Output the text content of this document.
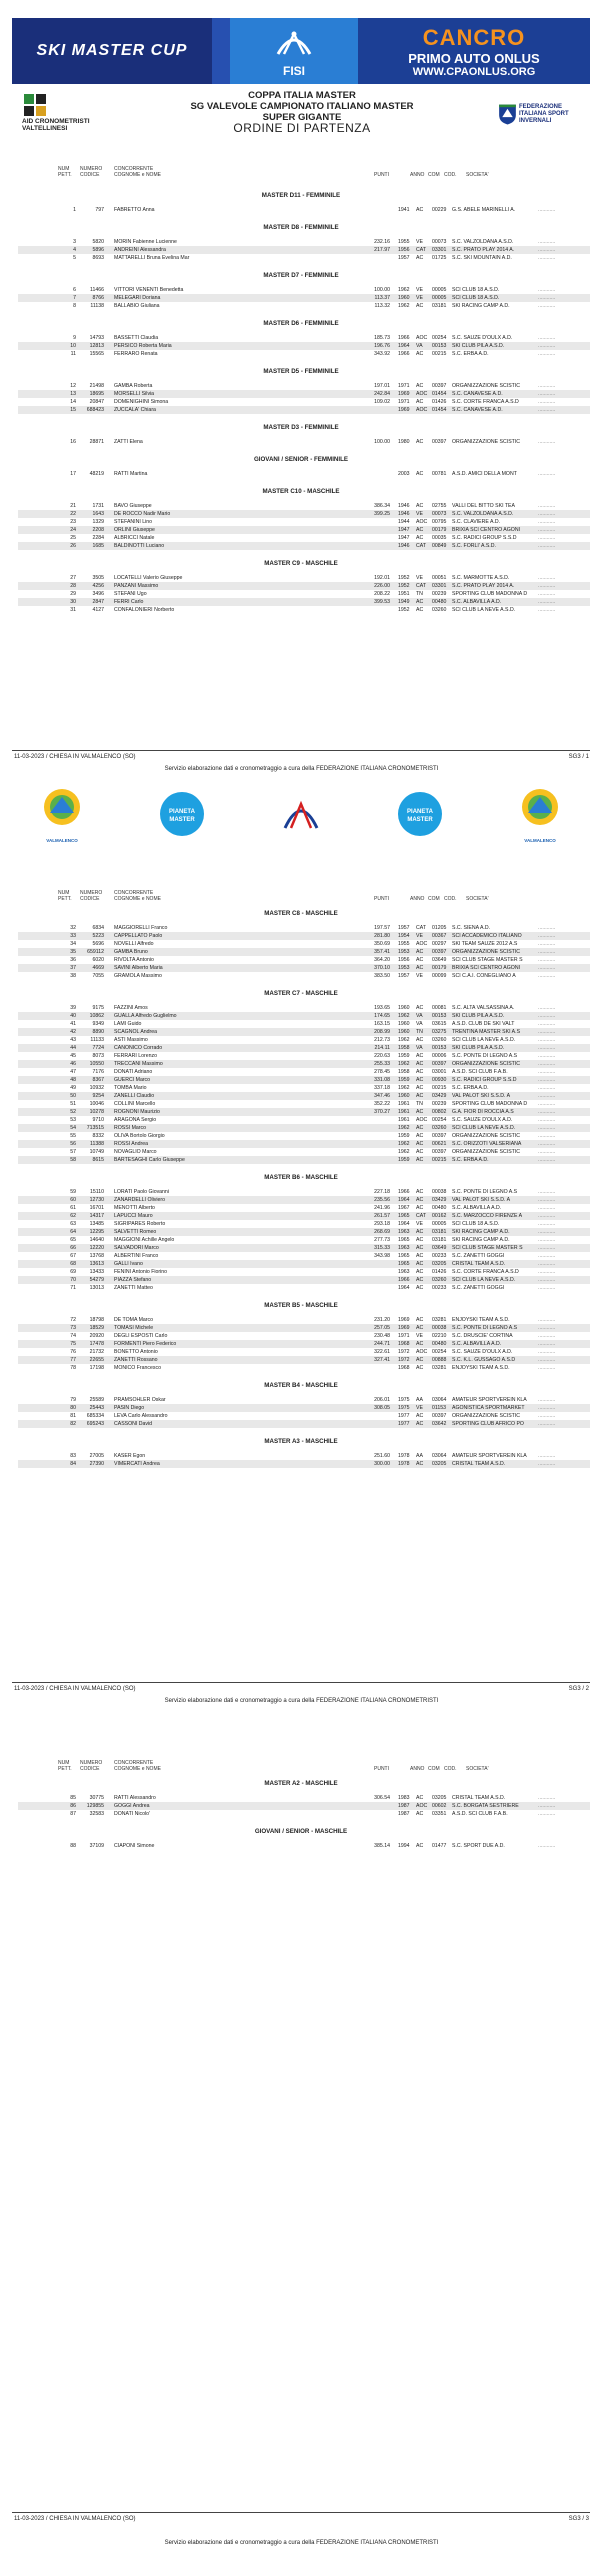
SKI MASTER CUP
FISI
CANCRO
PRIMO AUTO ONLUS
WWW.CPAONLUS.ORG
AID CRONOMETRISTI VALTELLINESI
COPPA ITALIA MASTER
SG VALEVOLE CAMPIONATO ITALIANO MASTER
SUPER GIGANTE
ORDINE DI PARTENZA
FEDERAZIONE ITALIANA SPORT INVERNALI
NUM
PETT.
NUMERO
CODICE
CONCORRENTE
COGNOME e NOME	PUNTI	ANNO COM COD. SOCIETA'
MASTER D11 - FEMMINILE
1	797 FABRETTO Anna	1941 AC 00229 G.S. ABELE MARINELLI A.	............
MASTER D8 - FEMMINILE
3	5820 MORIN Fabienne Lucienne	232.16 1955 VE 00073 S.C. VALZOLDANA A.S.D.	............
4	5896 ANDREINI Alessandra	217.97 1956 CAT 03301 S.C. PRATO PLAY 2014 A.	............
5	8693 MATTARELLI Bruna Evelina Mar	1957 AC 01725 S.C. SKI MOUNTAIN A.D.	............
MASTER D7 - FEMMINILE
6	11466 VITTORI VENENTI Benedetta	100.00 1962 VE 00005 SCI CLUB 18 A.S.D.	............
7	8766 MELEGARI Doriana	113.37 1960 VE 00005 SCI CLUB 18 A.S.D.	............
8	11138 BALLABIO Giuliana	113.32 1962 AC 03181 SKI RACING CAMP A.D.	............
MASTER D6 - FEMMINILE
9	14793 BASSETTI Claudia	185.73 1966 AOC 00254 S.C. SAUZE D'OULX A.D.	............
10	12813 PERSICO Roberta Maria	196.76 1964 VA 00153 SKI CLUB PILA A.S.D.	............
11	15565 FERRARO Renata	343.92 1966 AC 00215 S.C. ERBA A.D.	............
MASTER D5 - FEMMINILE
12	21498 GAMBA Roberta	197.01 1971 AC 00397 ORGANIZZAZIONE SCISTIC	............
13	18695 MORSELLI Silvia	242.84 1969 AOC 01454 S.C. CANAVESE A.D.	............
14	20847 DOMENIGHINI Simona	109.02 1971 AC 01426 S.C. CORTE FRANCA A.S.D	............
15	688423 ZUCCALA' Chiara	1969 AOC 01454 S.C. CANAVESE A.D.	............
MASTER D3 - FEMMINILE
16	28871 ZATTI Elena	100.00 1980 AC 00397 ORGANIZZAZIONE SCISTIC	............
GIOVANI / SENIOR - FEMMINILE
17	48219 RATTI Martina	2003 AC 00781 A.S.D. AMICI DELLA MONT	............
MASTER C10 - MASCHILE
21	1731 BAVO Giuseppe	386.34 1946 AC 02755 VALLI DEL BITTO SKI TEA	............
22	1643 DE ROCCO Nadir Mario	399.25 1946 VE 00073 S.C. VALZOLDANA A.S.D.	............
23	1329 STEFANINI Lino	1944 AOC 00795 S.C. CLAVIERE A.D.	............
24	2208 ORLINI Giuseppe	1947 AC 00179 BRIXIA SCI CENTRO AGONI	............
25	2284 ALBRICCI Natale	1947 AC 00035 S.C. RADICI GROUP S.S.D	............
26	1685 BALDINOTTI Luciano	1946 CAT 00849 S.C. FORLI' A.S.D.	............
MASTER C9 - MASCHILE
27	3505 LOCATELLI Valerio Giuseppe	192.01 1952 VE 00051 S.C. MARMOTTE A.S.D.	............
28	4256 PANZANI Massimo	226.00 1952 CAT 03301 S.C. PRATO PLAY 2014 A.	............
29	3496 STEFANI Ugo	208.22 1951 TN 00239 SPORTING CLUB MADONNA D ............
30	2847 FERRI Carlo	399.53 1949 AC 00480 S.C. ALBAVILLA A.D.	............
31	4127 CONFALONIERI Norberto	1952 AC 03260 SCI CLUB LA NEVE A.S.D.	............
11-03-2023 / CHIESA IN VALMALENCO (SO)	SG3 / 1
Servizio elaborazione dati e cronometraggio a cura della FEDERAZIONE ITALIANA CRONOMETRISTI
VALMALENCO
PIANETA
MASTER
PIANETA
MASTER
VALMALENCO
NUM
PETT.
NUMERO
CODICE
CONCORRENTE
COGNOME e NOME	PUNTI	ANNO COM COD. SOCIETA'
MASTER C8 - MASCHILE
32	6834 MAGGIORELLI Franco	197.57 1957 CAT 01205 S.C. SIENA A.D.	............
33	5223 CAPPELLATO Paolo	281.80 1954 VE 00367 SCI ACCADEMICO ITALIANO	............
34	5696 NOVELLI Alfredo	350.69 1955 AOC 00297 SKI TEAM SAUZE 2012 A.S	............
35	659112 GAMBA Bruno	357.41 1953 AC 00397 ORGANIZZAZIONE SCISTIC	............
36	6020 RIVOLTA Antonio	364.20 1956 AC 03649 SCI CLUB STAGE MASTER S	............
37	4669 SAVINI Alberto Maria	370.10 1953 AC 00179 BRIXIA SCI CENTRO AGONI	............
38	7055 GRAMOLA Massimo	383.50 1957 VE 00099 SCI C.A.I. CONEGLIANO A	............
MASTER C7 - MASCHILE
39	9175 FAZZINI Amos	193.65 1960 AC 00081 S.C. ALTA VALSASSINA A.	............
40	10862 GUALLA Alfredo Guglielmo	174.65 1962 VA 00153 SKI CLUB PILA A.S.D.	............
41	9349 LAMI Guido	163.15 1960 VA 03615 A.S.D. CLUB DE SKI VALT	............
42	8890 SCAGNOL Andrea	208.99 1960 TN 03275 TRENTINA MASTER SKI A.S	............
43	11133 ASTI Massimo	212.73 1962 AC 03260 SCI CLUB LA NEVE A.S.D.	............
44	7724 CANONICO Corrado	214.11 1958 VA 00153 SKI CLUB PILA A.S.D.	............
45	8073 FERRARI Lorenzo	220.63 1959 AC 00006 S.C. PONTE DI LEGNO A.S	............
46	10550 TRECCANI Massimo	255.33 1962 AC 00397 ORGANIZZAZIONE SCISTIC	............
47	7176 DONATI Adriano	278.45 1958 AC 03001 A.S.D. SCI CLUB F.A.B.	............
48	8367 GUERCI Marco	331.08 1959 AC 00930 S.C. RADICI GROUP S.S.D	............
49	10932 TOMBA Mario	337.18 1962 AC 00215 S.C. ERBA A.D.	............
50	9254 ZANELLI Claudio	347.46 1960 AC 03429 VAL PALOT SKI S.S.D. A	............
51	10046 COLLINI Marcello	352.22 1961 TN 00239 SPORTING CLUB MADONNA D ............
52	10278 ROGNONI Maurizio	370.27 1961 AC 00802 G.A. FIOR DI ROCCIA A.S	............
53	9710 ARAGONA Sergio	1961 AOC 00254 S.C. SAUZE D'OULX A.D.	............
54	713515 ROSSI Marco	1962 AC 03260 SCI CLUB LA NEVE A.S.D.	............
55	8332 OLIVA Bortolo Giorgio	1959 AC 00397 ORGANIZZAZIONE SCISTIC	............
56	11388 ROSSI Andrea	1962 AC 00621 S.C. ORIZZOTI VALSERIANA	............
57	10749 NOVAGLIO Marco	1962 AC 00397 ORGANIZZAZIONE SCISTIC	............
58	8615 BARTESAGHI Carlo Giuseppe	1959 AC 00215 S.C. ERBA A.D.	............
MASTER B6 - MASCHILE
59	15110 LORATI Paolo Giovanni	227.18 1966 AC 00038 S.C. PONTE DI LEGNO A.S	............
60	12730 ZANARDELLI Oliviero	235.56 1964 AC 03429 VAL PALOT SKI S.S.D. A	............
61	16701 MENOTTI Alberto	241.96 1967 AC 00480 S.C. ALBAVILLA A.D.	............
62	14317 LAPUCCI Mauro	261.57 1965 CAT 00162 S.C. MARZOCCO FIRENZE A	............
63	13485 SIGRIPARES Roberto	293.18 1964 VE 00005 SCI CLUB 18 A.S.D.	............
64	12295 SALVETTI Romeo	268.69 1963 AC 03181 SKI RACING CAMP A.D.	............
65	14640 MAGGIONI Achille Angelo	277.73 1965 AC 03181 SKI RACING CAMP A.D.	............
66	12220 SALVADORI Marco	315.33 1963 AC 03649 SCI CLUB STAGE MASTER S	............
67	13768 ALBERTINI Franco	343.98 1965 AC 00233 S.C. ZANETTI GOGGI	............
68	13613 GALLI Ivano	1965 AC 03205 CRISTAL TEAM A.S.D.	............
69	13433 FENINI Antonio Fiorino	1963 AC 01426 S.C. CORTE FRANCA A.S.D	............
70	54279 PIAZZA Stefano	1966 AC 03260 SCI CLUB LA NEVE A.S.D.	............
71	13013 ZANETTI Matteo	1964 AC 00233 S.C. ZANETTI GOGGI	............
MASTER B5 - MASCHILE
72	18798 DE TOMA Marco	231.20 1969 AC 03281 ENJOYSKI TEAM A.S.D.	............
73	18529 TOMASI Michele	257.05 1969 AC 00038 S.C. PONTE DI LEGNO A.S	............
74	20920 DEGLI ESPOSTI Carlo	230.48 1971 VE 02210 S.C. DRUSCIE' CORTINA	............
75	17478 FORMENTI Piero Federico	244.71 1968 AC 00480 S.C. ALBAVILLA A.D.	............
76	21732 BONETTO Antonio	322.61 1972 AOC 00254 S.C. SAUZE D'OULX A.D.	............
77	22655 ZANETTI Rossano	327.41 1972 AC 00888 S.C. K.L. GUSSAGO A.S.D	............
78	17198 MONICO Francesco	1968 AC 03281 ENJOYSKI TEAM A.S.D.	............
MASTER B4 - MASCHILE
79	25589 PRAMSOHLER Oskar	206.01 1975 AA 03064 AMATEUR SPORTVEREIN KLA ............
80	25443 PASIN Diego	308.05 1975 VE 01153 AGONISTICA SPORTMARKET	............
81	685334 LEVA Carlo Alessandro	1977 AC 00397 ORGANIZZAZIONE SCISTIC	............
82	695243 CASSONI David	1977 AC 03642 SPORTING CLUB AFRICO PO	............
MASTER A3 - MASCHILE
83	27005 KASER Egon	251.60 1978 AA 03064 AMATEUR SPORTVEREIN KLA ............
84	27390 VIMERCATI Andrea	300.00 1978 AC 03205 CRISTAL TEAM A.S.D.	............
11-03-2023 / CHIESA IN VALMALENCO (SO)	SG3 / 2
Servizio elaborazione dati e cronometraggio a cura della FEDERAZIONE ITALIANA CRONOMETRISTI
NUM
PETT.
NUMERO
CODICE
CONCORRENTE
COGNOME e NOME	PUNTI	ANNO COM COD. SOCIETA'
MASTER A2 - MASCHILE
85	30775 RATTI Alessandro	306.54 1983 AC 03205 CRISTAL TEAM A.S.D.	............
86	129855 GOGGI Andrea	1987 AOC 00602 S.C. BORGATA SESTRIERE	............
87	32583 DONATI Nicolo'	1987 AC 03351 A.S.D. SCI CLUB F.A.B.	............
GIOVANI / SENIOR - MASCHILE
88	37109 CIAPONI Simone	385.14 1994 AC 01477 S.C. SPORT DUE A.D.	............
11-03-2023 / CHIESA IN VALMALENCO (SO)	SG3 / 3
Servizio elaborazione dati e cronometraggio a cura della FEDERAZIONE ITALIANA CRONOMETRISTI
